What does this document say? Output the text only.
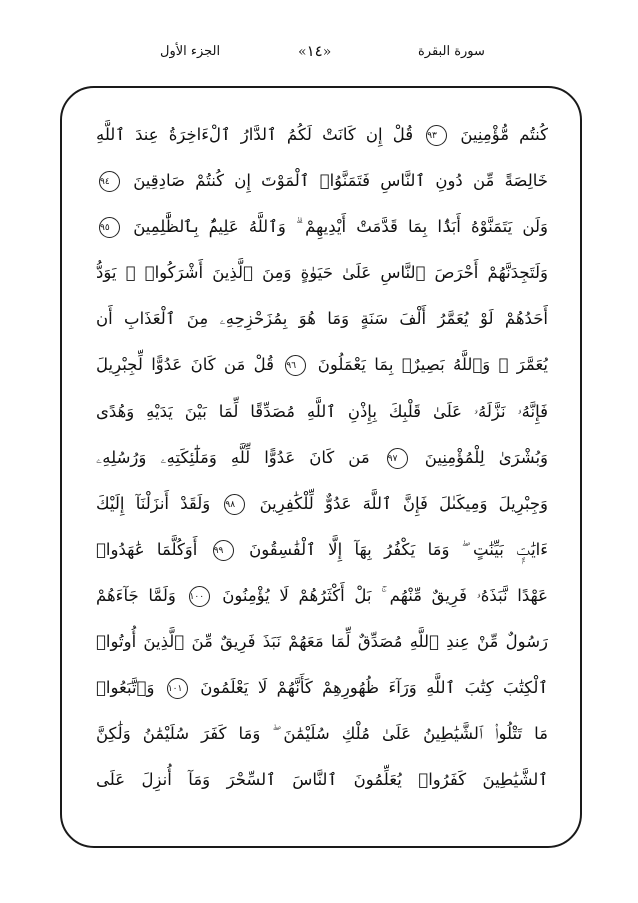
الجزء الأول	«١٤»	سورة البقرة
كُنتُم مُّؤْمِنِينَ ٩٣ قُلْ إِن كَانَتْ لَكُمُ ٱلدَّارُ ٱلْءَاخِرَةُ عِندَ ٱللَّهِ
خَالِصَةً مِّن دُونِ ٱلنَّاسِ فَتَمَنَّوُا۟ ٱلْمَوْتَ إِن كُنتُمْ صَادِقِينَ ٩٤
وَلَن يَتَمَنَّوْهُ أَبَدًۢا بِمَا قَدَّمَتْ أَيْدِيهِمْ ۗ وَٱللَّهُ عَلِيمٌۢ بِٱلظَّٰلِمِينَ ٩٥
وَلَتَجِدَنَّهُمْ أَحْرَصَ ٱلنَّاسِ عَلَىٰ حَيَوٰةٍ وَمِنَ ٱلَّذِينَ أَشْرَكُوا۟ ۚ يَوَدُّ
أَحَدُهُمْ لَوْ يُعَمَّرُ أَلْفَ سَنَةٍ وَمَا هُوَ بِمُزَحْزِحِهِۦ مِنَ ٱلْعَذَابِ أَن
يُعَمَّرَ ۗ وَٱللَّهُ بَصِيرٌۢ بِمَا يَعْمَلُونَ ٩٦ قُلْ مَن كَانَ عَدُوًّا لِّجِبْرِيلَ
فَإِنَّهُۥ نَزَّلَهُۥ عَلَىٰ قَلْبِكَ بِإِذْنِ ٱللَّهِ مُصَدِّقًا لِّمَا بَيْنَ يَدَيْهِ وَهُدًى
وَبُشْرَىٰ لِلْمُؤْمِنِينَ ٩٧ مَن كَانَ عَدُوًّا لِّلَّهِ وَمَلَٰٓئِكَتِهِۦ وَرُسُلِهِۦ
وَجِبْرِيلَ وَمِيكَىٰلَ فَإِنَّ ٱللَّهَ عَدُوٌّ لِّلْكَٰفِرِينَ ٩٨ وَلَقَدْ أَنزَلْنَآ إِلَيْكَ
ءَايَٰتٍۭ بَيِّنَٰتٍ ۖ وَمَا يَكْفُرُ بِهَآ إِلَّا ٱلْفَٰسِقُونَ ٩٩ أَوَكُلَّمَا عَٰهَدُوا۟
عَهْدًا نَّبَذَهُۥ فَرِيقٌ مِّنْهُم ۚ بَلْ أَكْثَرُهُمْ لَا يُؤْمِنُونَ ١٠٠ وَلَمَّا جَآءَهُمْ
رَسُولٌ مِّنْ عِندِ ٱللَّهِ مُصَدِّقٌ لِّمَا مَعَهُمْ نَبَذَ فَرِيقٌ مِّنَ ٱلَّذِينَ أُوتُوا۟
ٱلْكِتَٰبَ كِتَٰبَ ٱللَّهِ وَرَآءَ ظُهُورِهِمْ كَأَنَّهُمْ لَا يَعْلَمُونَ ١٠١ وَٱتَّبَعُوا۟
مَا تَتْلُوا۟ ٱلشَّيَٰطِينُ عَلَىٰ مُلْكِ سُلَيْمَٰنَ ۖ وَمَا كَفَرَ سُلَيْمَٰنُ وَلَٰكِنَّ
ٱلشَّيَٰطِينَ كَفَرُوا۟ يُعَلِّمُونَ ٱلنَّاسَ ٱلسِّحْرَ وَمَآ أُنزِلَ عَلَى
